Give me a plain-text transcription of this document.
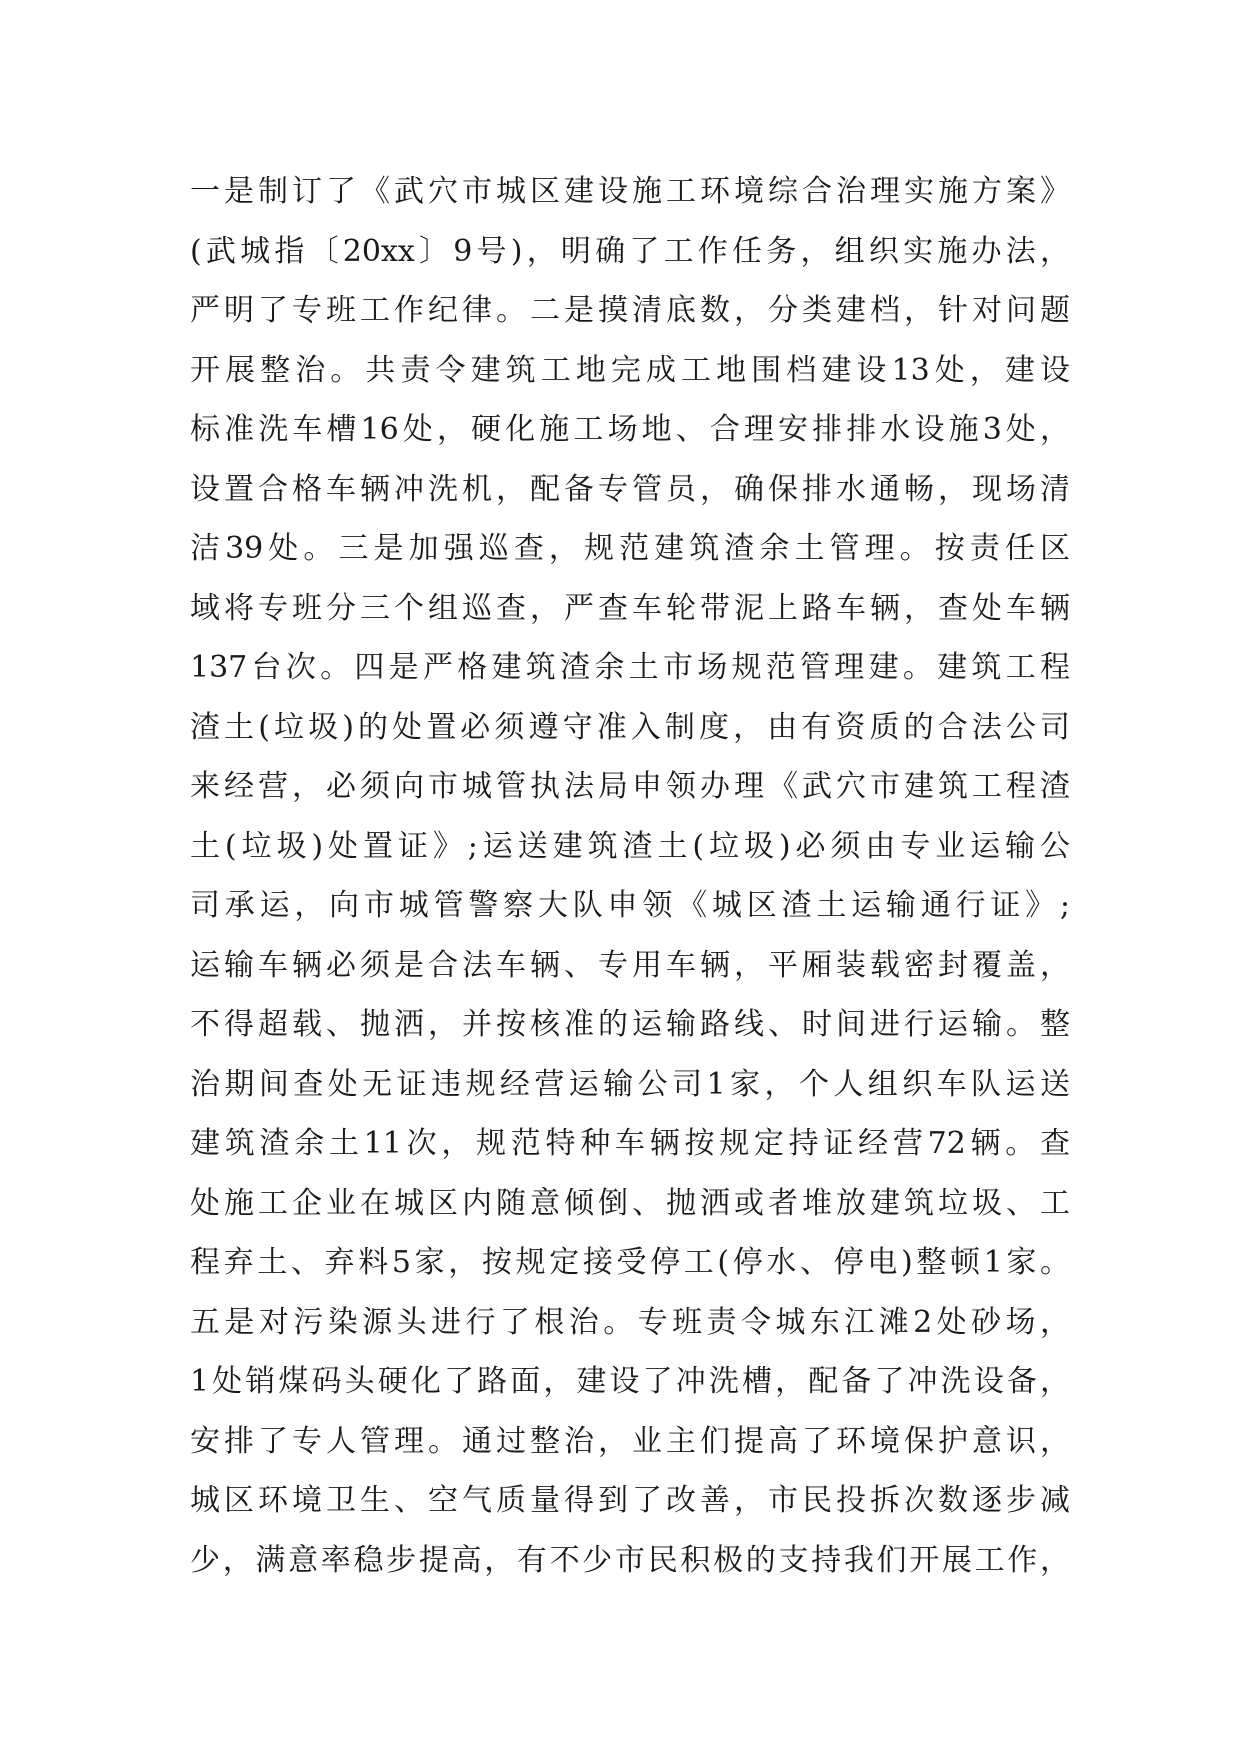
一是制订了《武穴市城区建设施工环境综合治理实施方案》
(武城指〔20xx〕9号)，明确了工作任务，组织实施办法，
严明了专班工作纪律。二是摸清底数，分类建档，针对问题
开展整治。共责令建筑工地完成工地围档建设13处，建设
标准洗车槽16处，硬化施工场地、合理安排排水设施3处，
设置合格车辆冲洗机，配备专管员，确保排水通畅，现场清
洁39处。三是加强巡查，规范建筑渣余土管理。按责任区
域将专班分三个组巡查，严查车轮带泥上路车辆，查处车辆
137台次。四是严格建筑渣余土市场规范管理建。建筑工程
渣土(垃圾)的处置必须遵守准入制度，由有资质的合法公司
来经营，必须向市城管执法局申领办理《武穴市建筑工程渣
土(垃圾)处置证》;运送建筑渣土(垃圾)必须由专业运输公
司承运，向市城管警察大队申领《城区渣土运输通行证》;
运输车辆必须是合法车辆、专用车辆，平厢装载密封覆盖，
不得超载、抛洒，并按核准的运输路线、时间进行运输。整
治期间查处无证违规经营运输公司1家，个人组织车队运送
建筑渣余土11次，规范特种车辆按规定持证经营72辆。查
处施工企业在城区内随意倾倒、抛洒或者堆放建筑垃圾、工
程弃土、弃料5家，按规定接受停工(停水、停电)整顿1家。
五是对污染源头进行了根治。专班责令城东江滩2处砂场，
1处销煤码头硬化了路面，建设了冲洗槽，配备了冲洗设备，
安排了专人管理。通过整治，业主们提高了环境保护意识，
城区环境卫生、空气质量得到了改善，市民投拆次数逐步减
少，满意率稳步提高，有不少市民积极的支持我们开展工作，
